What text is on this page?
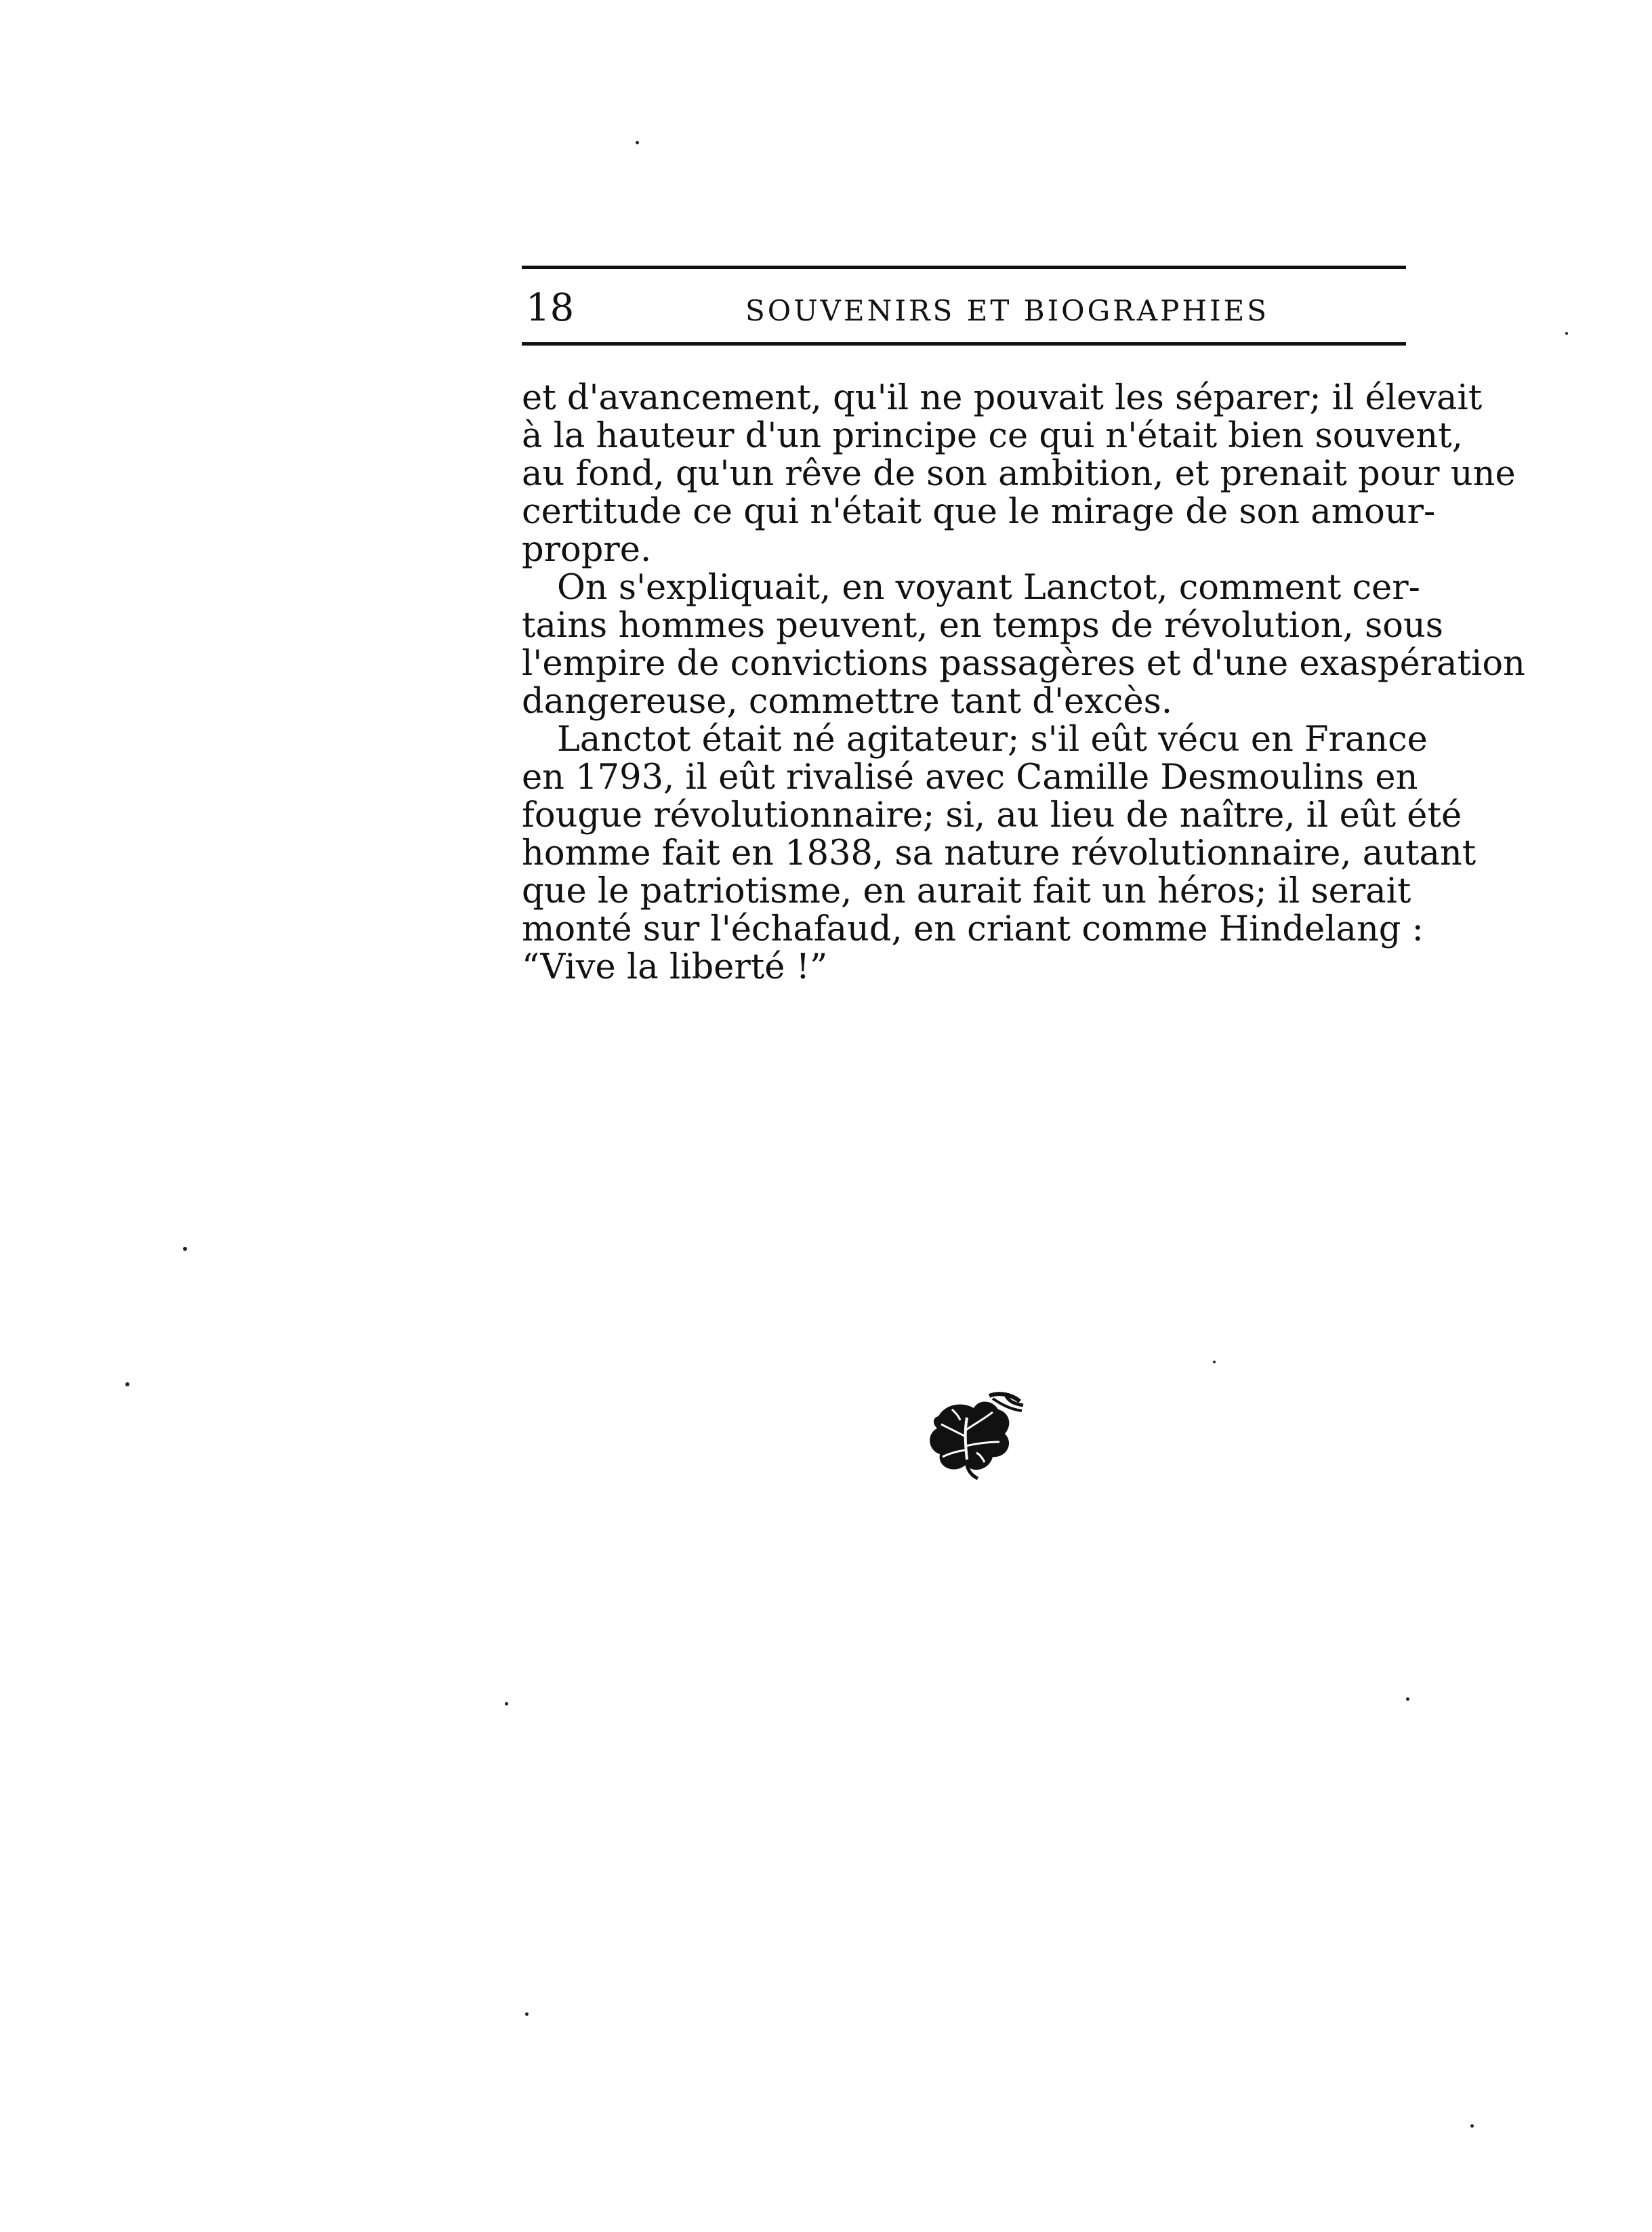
18	SOUVENIRS ET BIOGRAPHIES
et d'avancement, qu'il ne pouvait les séparer; il élevait
à la hauteur d'un principe ce qui n'était bien souvent,
au fond, qu'un rêve de son ambition, et prenait pour une
certitude ce qui n'était que le mirage de son amour-
propre.
On s'expliquait, en voyant Lanctot, comment cer-
tains hommes peuvent, en temps de révolution, sous
l'empire de convictions passagères et d'une exaspération
dangereuse, commettre tant d'excès.
Lanctot était né agitateur; s'il eût vécu en France
en 1793, il eût rivalisé avec Camille Desmoulins en
fougue révolutionnaire; si, au lieu de naître, il eût été
homme fait en 1838, sa nature révolutionnaire, autant
que le patriotisme, en aurait fait un héros; il serait
monté sur l'échafaud, en criant comme Hindelang :
“Vive la liberté !”
